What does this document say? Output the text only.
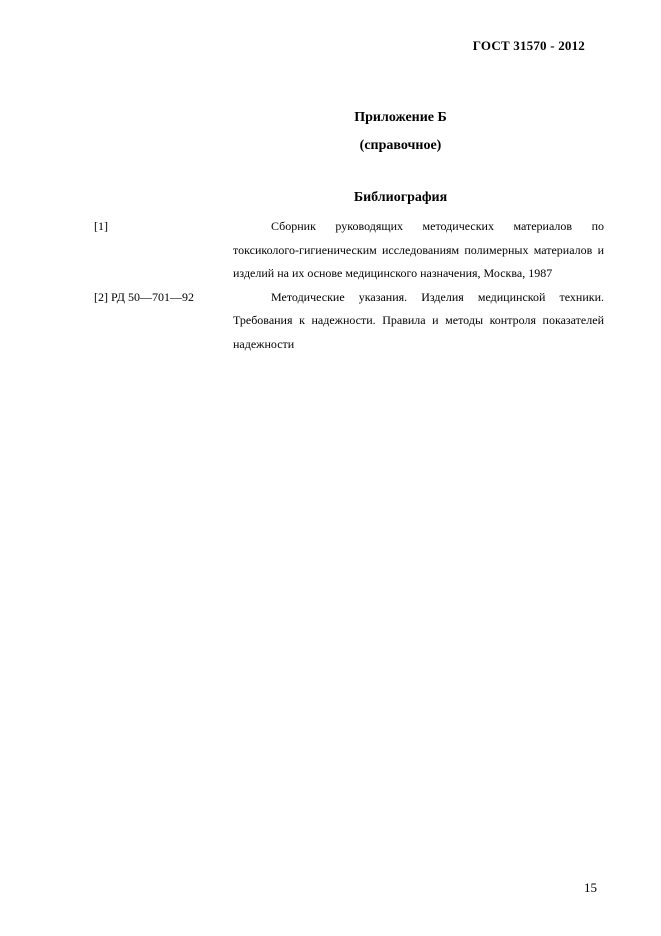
ГОСТ 31570 - 2012
Приложение Б
(справочное)
Библиография
[1]	Сборник руководящих методических материалов по токсиколого-гигиеническим исследованиям полимерных материалов и изделий на их основе медицинского назначения, Москва, 1987
[2] РД 50—701—92	Методические указания. Изделия медицинской техники. Требования к надежности. Правила и методы контроля показателей надежности
15
